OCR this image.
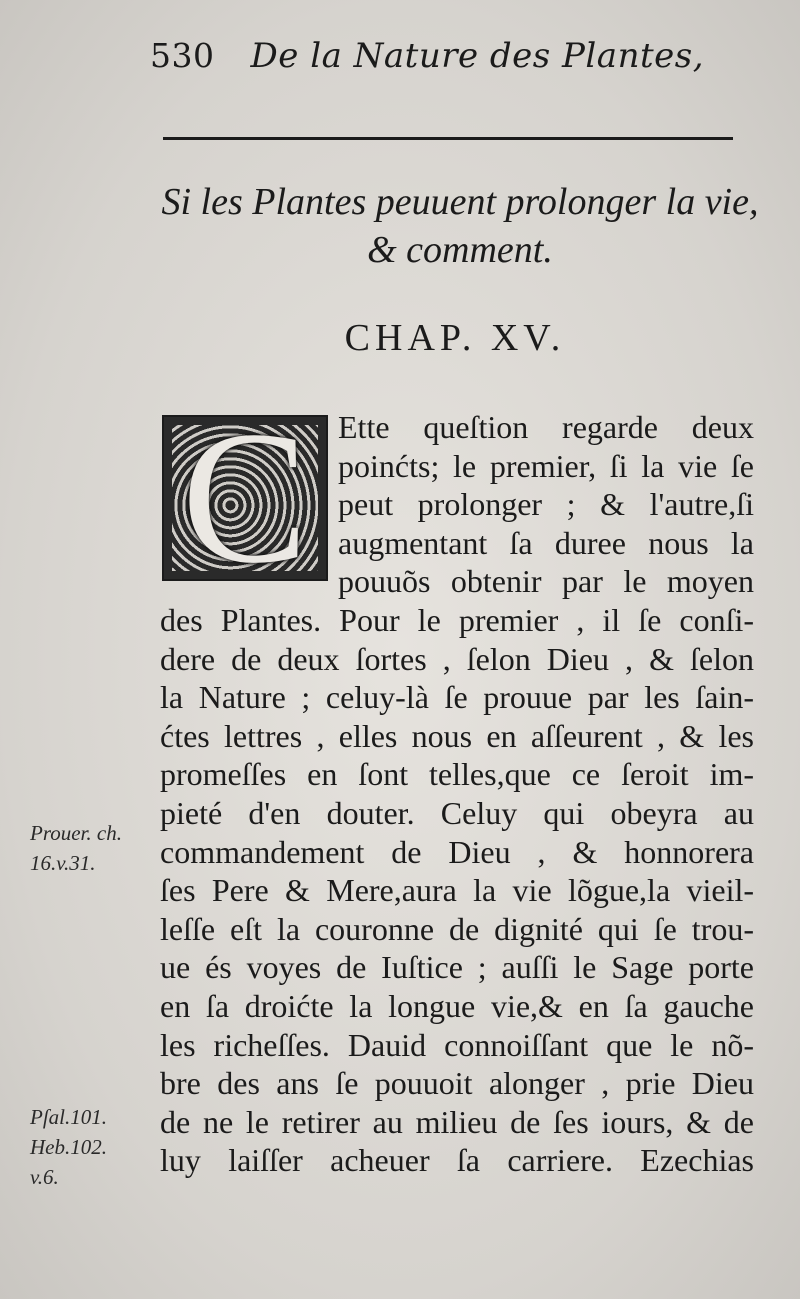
530 De la Nature des Plantes,
Si les Plantes peuuent prolonger la vie,
& comment.
CHAP. XV.
C Ette queſtion regarde deux
poinćts; le premier, ſi la vie ſe
peut prolonger ; & l'autre,ſi
augmentant ſa duree nous la
pouuõs obtenir par le moyen
des Plantes. Pour le premier , il ſe conſi-
dere de deux ſortes , ſelon Dieu , & ſelon
la Nature ; celuy-là ſe prouue par les ſain-
ćtes lettres , elles nous en aſſeurent , & les
promeſſes en ſont telles,que ce ſeroit im-
pieté d'en douter. Celuy qui obeyra au
commandement de Dieu , & honnorera
ſes Pere & Mere,aura la vie lõgue,la vieil-
leſſe eſt la couronne de dignité qui ſe trou-
ue és voyes de Iuſtice ; auſſi le Sage porte
en ſa droićte la longue vie,& en ſa gauche
les richeſſes. Dauid connoiſſant que le nõ-
bre des ans ſe pouuoit alonger , prie Dieu
de ne le retirer au milieu de ſes iours, & de
luy laiſſer acheuer ſa carriere. Ezechias
Prouer. ch.
16.v.31.
Pſal.101.
Heb.102.
v.6.
